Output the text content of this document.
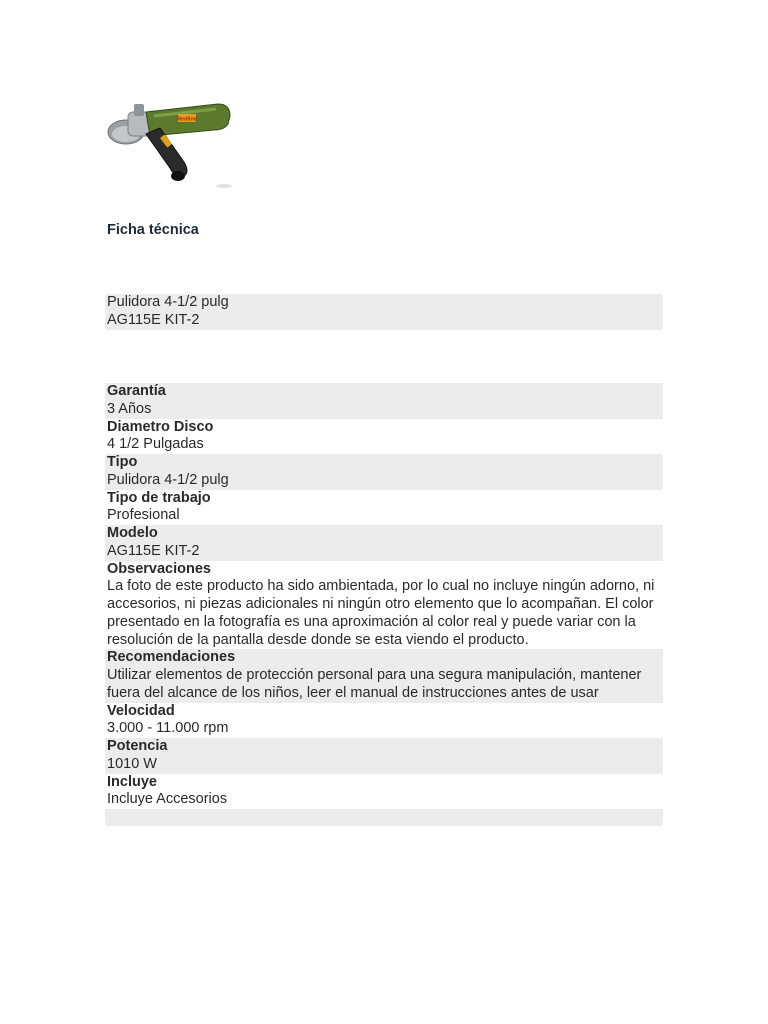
Redline
Ficha técnica
Pulidora 4-1/2 pulg
AG115E KIT-2
Garantía
3 Años
Diametro Disco
4 1/2 Pulgadas
Tipo
Pulidora 4-1/2 pulg
Tipo de trabajo
Profesional
Modelo
AG115E KIT-2
Observaciones
La foto de este producto ha sido ambientada, por lo cual no incluye ningún adorno, ni accesorios, ni piezas adicionales ni ningún otro elemento que lo acompañan. El color presentado en la fotografía es una aproximación al color real y puede variar con la resolución de la pantalla desde donde se esta viendo el producto.
Recomendaciones
Utilizar elementos de protección personal para una segura manipulación, mantener fuera del alcance de los niños, leer el manual de instrucciones antes de usar
Velocidad
3.000 - 11.000 rpm
Potencia
1010 W
Incluye
Incluye Accesorios
